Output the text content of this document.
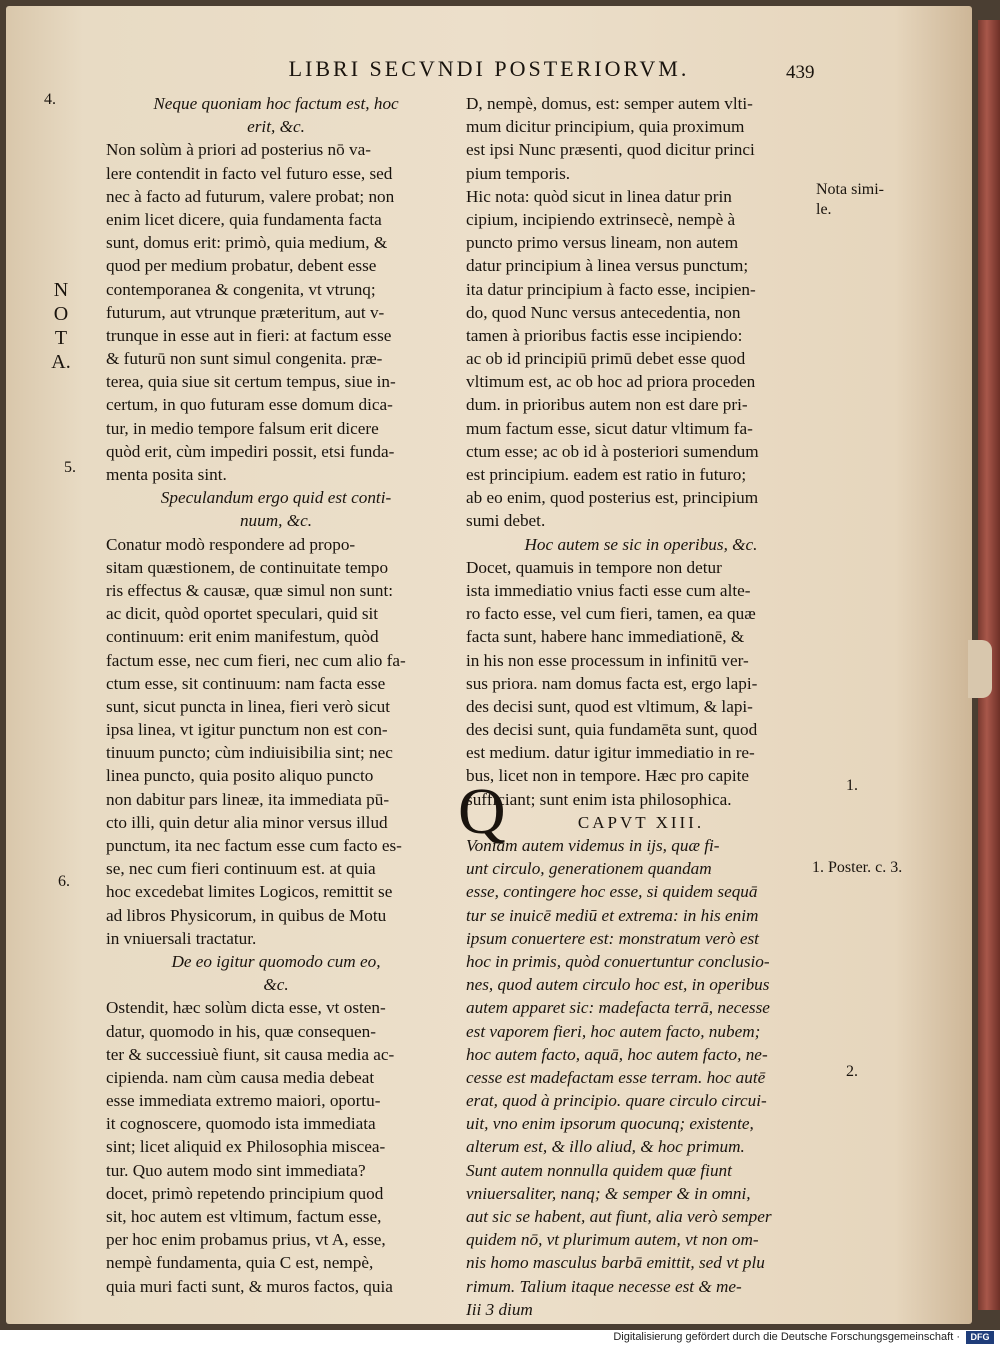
LIBRI SECVNDI POSTERIORVM.	439
Neque quoniam hoc factum est, hoc
erit, &c.
Non solùm à priori ad posterius nō va-
lere contendit in facto vel futuro esse, sed
nec à facto ad futurum, valere probat; non
enim licet dicere, quia fundamenta facta
sunt, domus erit: primò, quia medium, &
quod per medium probatur, debent esse
contemporanea & congenita, vt vtrunq;
futurum, aut vtrunque præteritum, aut v-
trunque in esse aut in fieri: at factum esse
& futurū non sunt simul congenita. præ-
terea, quia siue sit certum tempus, siue in-
certum, in quo futuram esse domum dica-
tur, in medio tempore falsum erit dicere
quòd erit, cùm impediri possit, etsi funda-
menta posita sint.
Speculandum ergo quid est conti-
nuum, &c.
Conatur modò respondere ad propo-
sitam quæstionem, de continuitate tempo
ris effectus & causæ, quæ simul non sunt:
ac dicit, quòd oportet speculari, quid sit
continuum: erit enim manifestum, quòd
factum esse, nec cum fieri, nec cum alio fa-
ctum esse, sit continuum: nam facta esse
sunt, sicut puncta in linea, fieri verò sicut
ipsa linea, vt igitur punctum non est con-
tinuum puncto; cùm indiuisibilia sint; nec
linea puncto, quia posito aliquo puncto
non dabitur pars lineæ, ita immediata pū-
cto illi, quin detur alia minor versus illud
punctum, ita nec factum esse cum facto es-
se, nec cum fieri continuum est. at quia
hoc excedebat limites Logicos, remittit se
ad libros Physicorum, in quibus de Motu
in vniuersali tractatur.
De eo igitur quomodo cum eo,
&c.
Ostendit, hæc solùm dicta esse, vt osten-
datur, quomodo in his, quæ consequen-
ter & successiuè fiunt, sit causa media ac-
cipienda. nam cùm causa media debeat
esse immediata extremo maiori, oportu-
it cognoscere, quomodo ista immediata
sint; licet aliquid ex Philosophia miscea-
tur. Quo autem modo sint immediata?
docet, primò repetendo principium quod
sit, hoc autem est vltimum, factum esse,
per hoc enim probamus prius, vt A, esse,
nempè fundamenta, quia C est, nempè,
quia muri facti sunt, & muros factos, quia
D, nempè, domus, est: semper autem vlti-
mum dicitur principium, quia proximum
est ipsi Nunc præsenti, quod dicitur princi
pium temporis.
Hic nota: quòd sicut in linea datur prin
cipium, incipiendo extrinsecè, nempè à
puncto primo versus lineam, non autem
datur principium à linea versus punctum;
ita datur principium à facto esse, incipien-
do, quod Nunc versus antecedentia, non
tamen à prioribus factis esse incipiendo:
ac ob id principiū primū debet esse quod
vltimum est, ac ob hoc ad priora proceden
dum. in prioribus autem non est dare pri-
mum factum esse, sicut datur vltimum fa-
ctum esse; ac ob id à posteriori sumendum
est principium. eadem est ratio in futuro;
ab eo enim, quod posterius est, principium
sumi debet.
Hoc autem se sic in operibus, &c.
Docet, quamuis in tempore non detur
ista immediatio vnius facti esse cum alte-
ro facto esse, vel cum fieri, tamen, ea quæ
facta sunt, habere hanc immediationē, &
in his non esse processum in infinitū ver-
sus priora. nam domus facta est, ergo lapi-
des decisi sunt, quod est vltimum, & lapi-
des decisi sunt, quia fundamēta sunt, quod
est medium. datur igitur immediatio in re-
bus, licet non in tempore. Hæc pro capite
sufficiant; sunt enim ista philosophica.
CAPVT XIII.
Voniam autem videmus in ijs, quæ fi-
unt circulo, generationem quandam
esse, contingere hoc esse, si quidem sequā
tur se inuicē mediū et extrema: in his enim
ipsum conuertere est: monstratum verò est
hoc in primis, quòd conuertuntur conclusio-
nes, quod autem circulo hoc est, in operibus
autem apparet sic: madefacta terrā, necesse
est vaporem fieri, hoc autem facto, nubem;
hoc autem facto, aquā, hoc autem facto, ne-
cesse est madefactam esse terram. hoc autē
erat, quod à principio. quare circulo circui-
uit, vno enim ipsorum quocunq; existente,
alterum est, & illo aliud, & hoc primum.
Sunt autem nonnulla quidem quæ fiunt
vniuersaliter, nanq; & semper & in omni,
aut sic se habent, aut fiunt, alia verò semper
quidem nō, vt plurimum autem, vt non om-
nis homo masculus barbā emittit, sed vt plu
rimum. Talium itaque necesse est & me-
Iii 3 dium
Q
N
O
T
A.
4.
5.
6.
Nota simi-
le.
1.
1. Poster. c. 3.
2.
Digitalisierung gefördert durch die Deutsche Forschungsgemeinschaft ·	DFG
